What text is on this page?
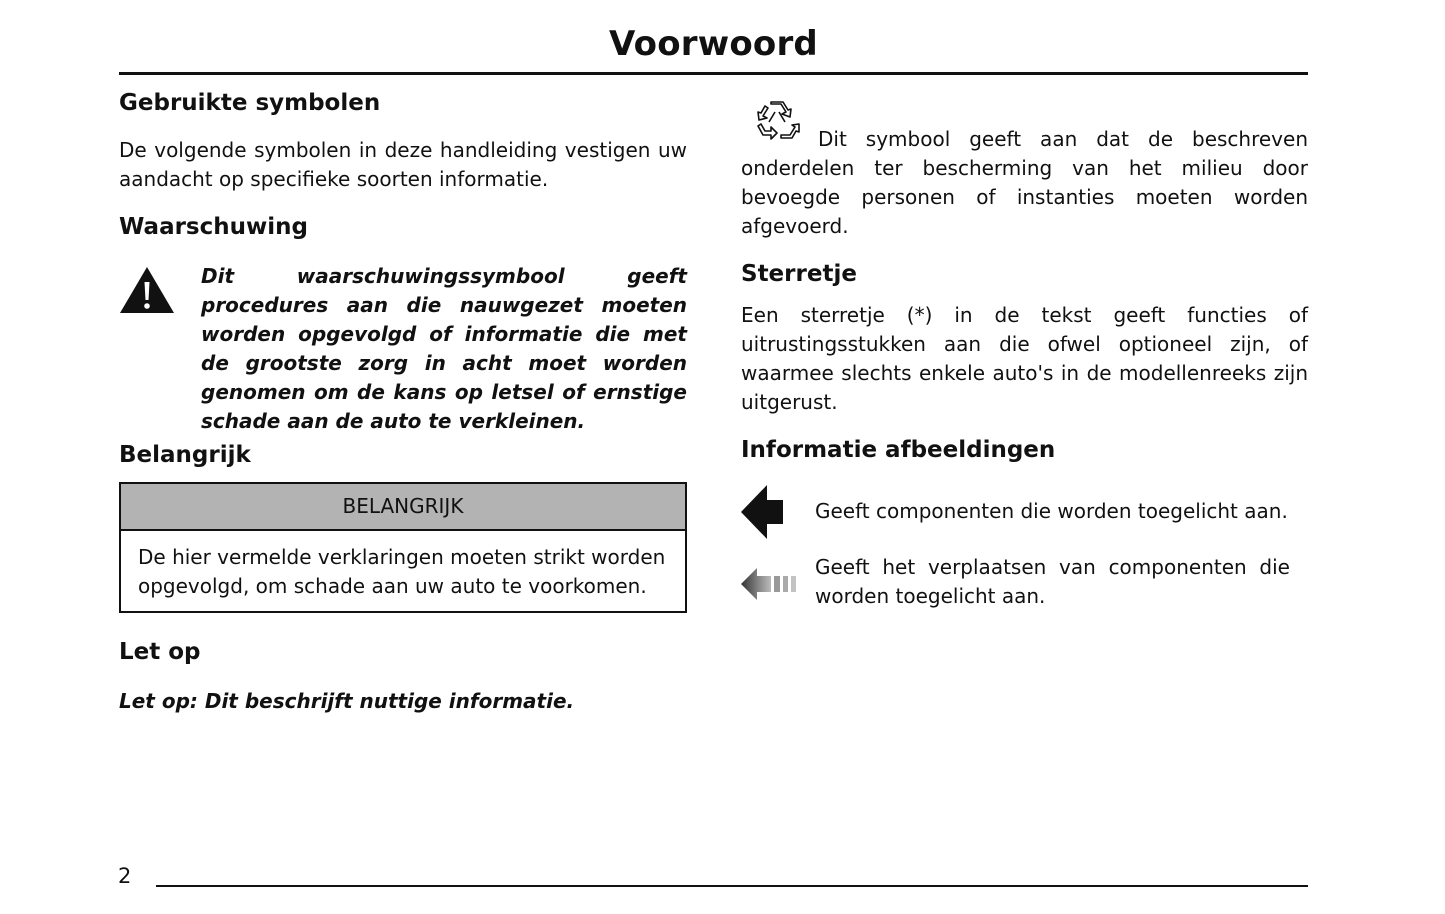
Voorwoord
Gebruikte symbolen

De volgende symbolen in deze handleiding vestigen uw aandacht op specifieke soorten informatie.

Waarschuwing

Dit waarschuwingssymbool geeft procedures aan die nauwgezet moeten worden opgevolgd of informatie die met de grootste zorg in acht moet worden genomen om de kans op letsel of ernstige schade aan de auto te verkleinen.

Belangrijk
BELANGRIJK
De hier vermelde verklaringen moeten strikt worden opgevolgd, om schade aan uw auto te voorkomen.
Let op

Let op: Dit beschrijft nuttige informatie.

Dit symbool geeft aan dat de beschreven onderdelen ter bescherming van het milieu door bevoegde personen of instanties moeten worden afgevoerd.

Sterretje

Een sterretje (*) in de tekst geeft functies of uitrustingsstukken aan die ofwel optioneel zijn, of waarmee slechts enkele auto's in de modellenreeks zijn uitgerust.

Informatie afbeeldingen

Geeft componenten die worden toegelicht aan.

Geeft het verplaatsen van componenten die worden toegelicht aan.

2
